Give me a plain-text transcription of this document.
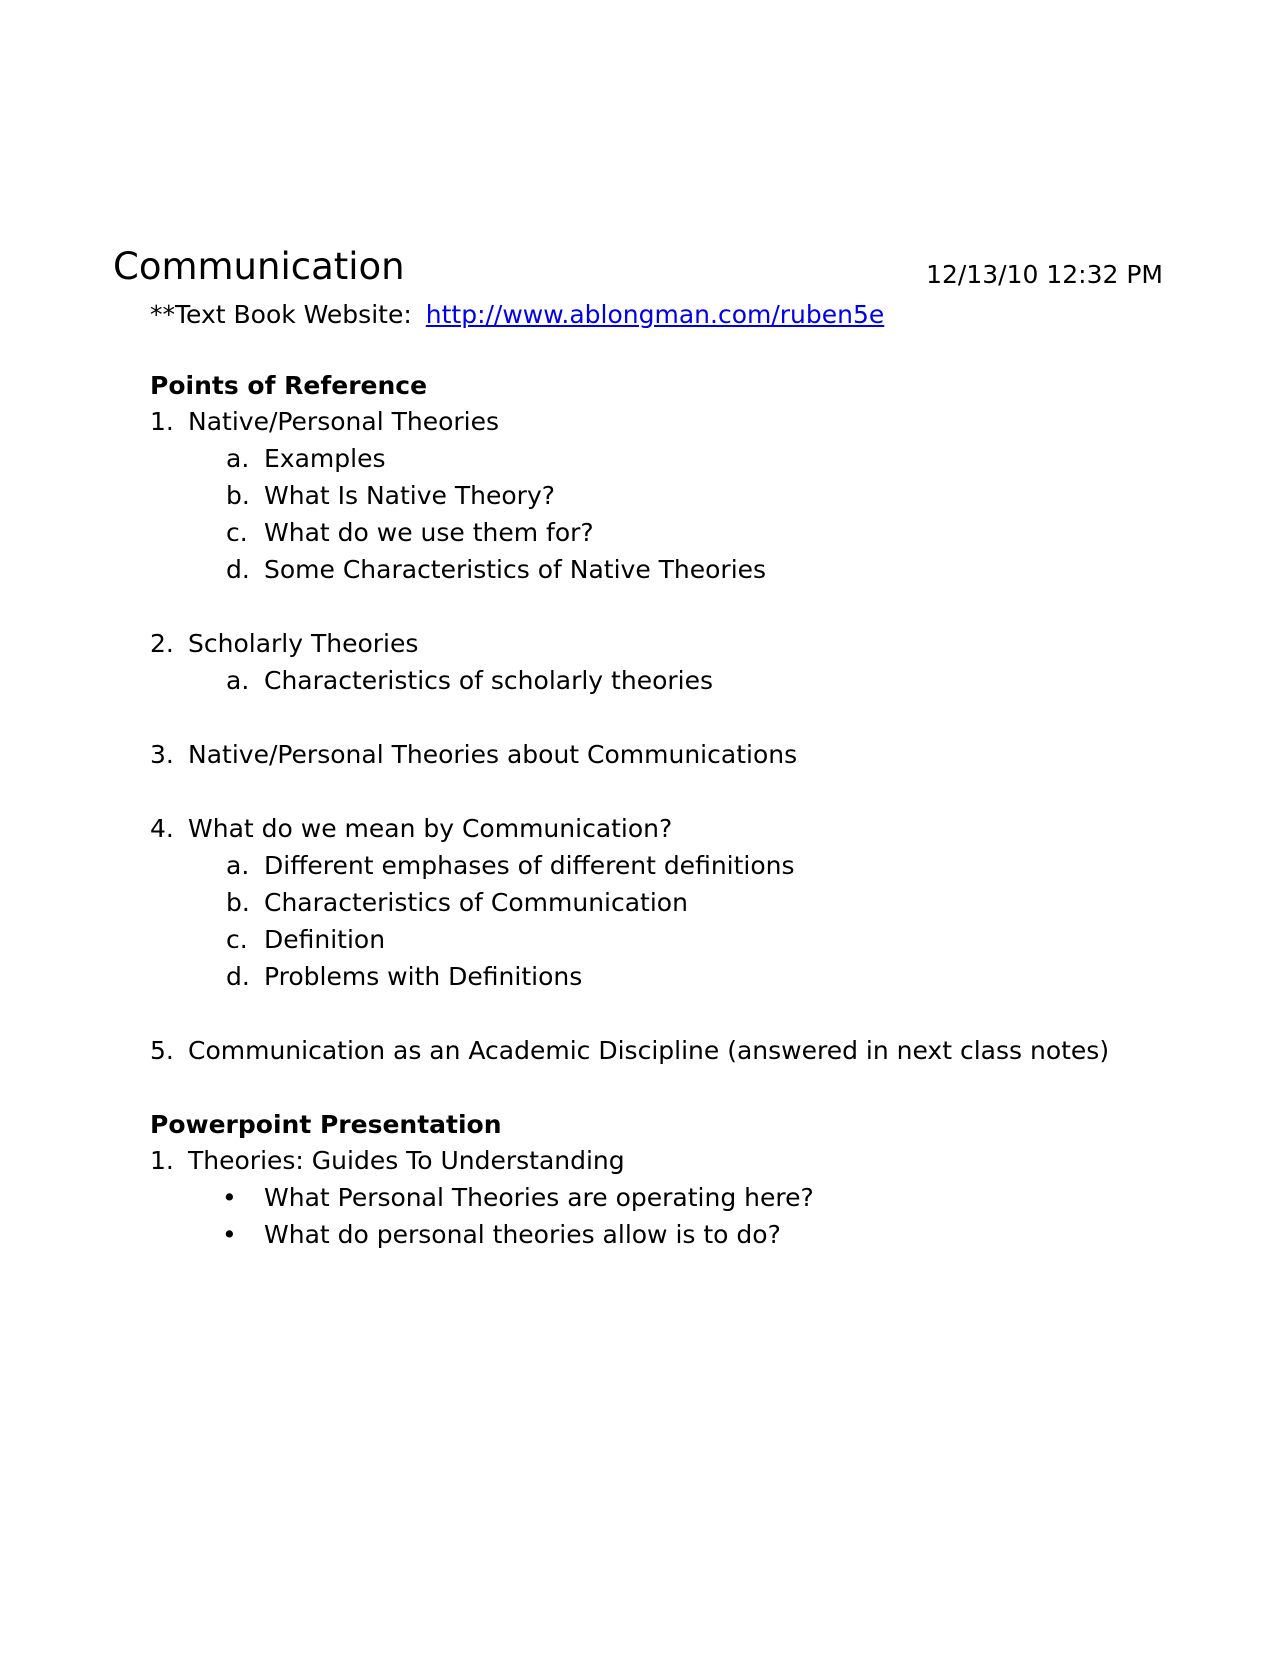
Communication	12/13/10 12:32 PM
**Text Book Website: http://www.ablongman.com/ruben5e
Points of Reference
1. Native/Personal Theories
a. Examples
b. What Is Native Theory?
c. What do we use them for?
d. Some Characteristics of Native Theories
2. Scholarly Theories
a. Characteristics of scholarly theories
3. Native/Personal Theories about Communications
4. What do we mean by Communication?
a. Different emphases of different definitions
b. Characteristics of Communication
c. Definition
d. Problems with Definitions
5. Communication as an Academic Discipline (answered in next class notes)
Powerpoint Presentation
1. Theories: Guides To Understanding
• What Personal Theories are operating here?
• What do personal theories allow is to do?
